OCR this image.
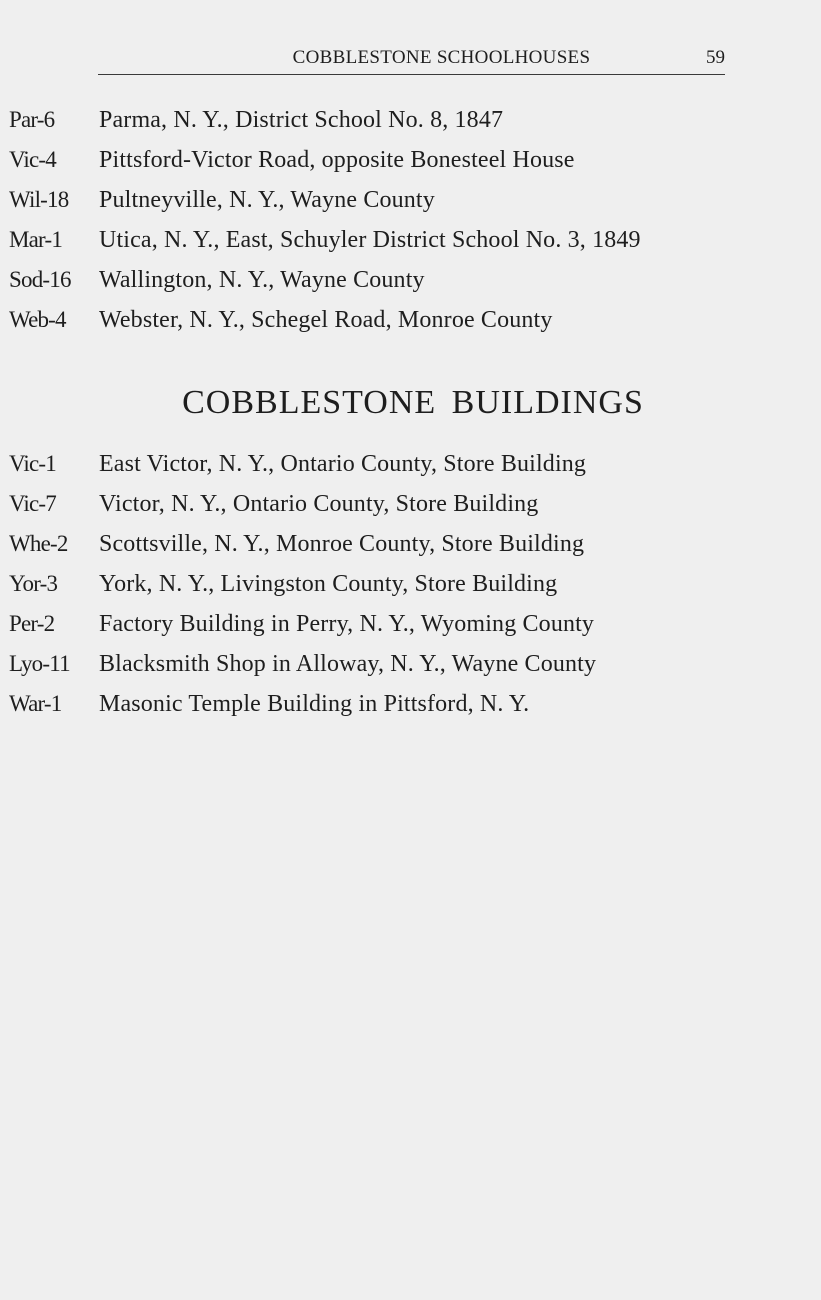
COBBLESTONE SCHOOLHOUSES	59
Par-6 Parma, N. Y., District School No. 8, 1847
Vic-4 Pittsford-Victor Road, opposite Bonesteel House
Wil-18 Pultneyville, N. Y., Wayne County
Mar-1 Utica, N. Y., East, Schuyler District School No. 3, 1849
Sod-16 Wallington, N. Y., Wayne County
Web-4 Webster, N. Y., Schegel Road, Monroe County
COBBLESTONE BUILDINGS
Vic-1 East Victor, N. Y., Ontario County, Store Building
Vic-7 Victor, N. Y., Ontario County, Store Building
Whe-2 Scottsville, N. Y., Monroe County, Store Building
Yor-3 York, N. Y., Livingston County, Store Building
Per-2 Factory Building in Perry, N. Y., Wyoming County
Lyo-11 Blacksmith Shop in Alloway, N. Y., Wayne County
War-1 Masonic Temple Building in Pittsford, N. Y.
